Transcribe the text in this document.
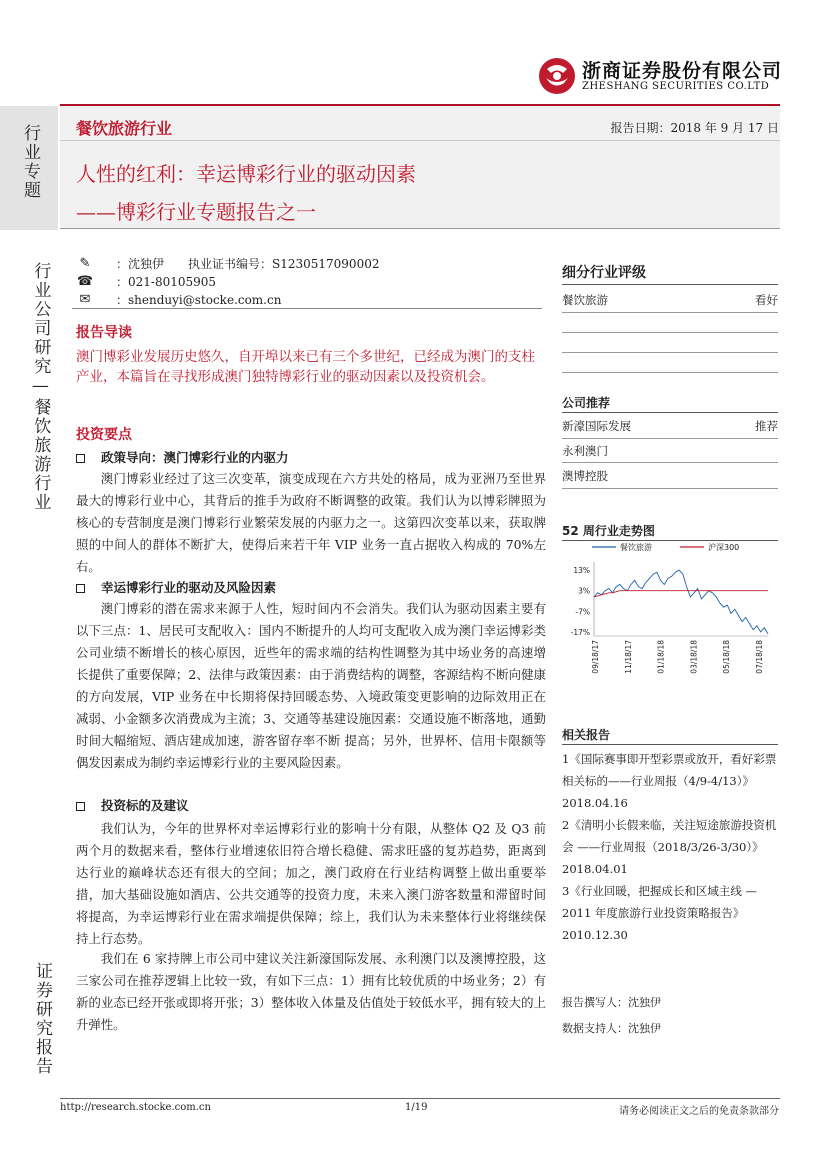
浙商证券股份有限公司
ZHESHANG SECURITIES CO.LTD
行业专题 餐饮旅游行业	报告日期：2018 年 9 月 17 日
人性的红利：幸运博彩行业的驱动因素
——博彩行业专题报告之一
行业公司研究—餐饮旅游行业
证券研究报告
✎ ：沈独伊　　执业证书编号：S1230517090002
☎ ：021-80105905
✉ ：shenduyi@stocke.com.cn
报告导读
澳门博彩业发展历史悠久，自开埠以来已有三个多世纪，已经成为澳门的支柱产业，本篇旨在寻找形成澳门独特博彩行业的驱动因素以及投资机会。
投资要点
政策导向：澳门博彩行业的内驱力
澳门博彩业经过了这三次变革，演变成现在六方共处的格局，成为亚洲乃至世界最大的博彩行业中心，其背后的推手为政府不断调整的政策。我们认为以博彩牌照为核心的专营制度是澳门博彩行业繁荣发展的内驱力之一。这第四次变革以来，获取牌照的中间人的群体不断扩大，使得后来若干年 VIP 业务一直占据收入构成的 70%左右。
幸运博彩行业的驱动及风险因素
澳门博彩的潜在需求来源于人性，短时间内不会消失。我们认为驱动因素主要有以下三点：1、居民可支配收入：国内不断提升的人均可支配收入成为澳门幸运博彩类公司业绩不断增长的核心原因，近些年的需求端的结构性调整为其中场业务的高速增长提供了重要保障；2、法律与政策因素：由于消费结构的调整，客源结构不断向健康的方向发展，VIP 业务在中长期将保持回暖态势、入境政策变更影响的边际效用正在减弱、小金额多次消费成为主流；3、交通等基建设施因素：交通设施不断落地，通勤时间大幅缩短、酒店建成加速，游客留存率不断 提高；另外，世界杯、信用卡限额等偶发因素成为制约幸运博彩行业的主要风险因素。
投资标的及建议
我们认为，今年的世界杯对幸运博彩行业的影响十分有限，从整体 Q2 及 Q3 前两个月的数据来看，整体行业增速依旧符合增长稳健、需求旺盛的复苏趋势，距离到达行业的巅峰状态还有很大的空间；加之，澳门政府在行业结构调整上做出重要举措，加大基础设施如酒店、公共交通等的投资力度，未来入澳门游客数量和滞留时间将提高，为幸运博彩行业在需求端提供保障；综上，我们认为未来整体行业将继续保持上行态势。
我们在 6 家持牌上市公司中建议关注新濠国际发展、永利澳门以及澳博控股，这三家公司在推荐逻辑上比较一致，有如下三点：1）拥有比较优质的中场业务；2）有新的业态已经开张或即将开张；3）整体收入体量及估值处于较低水平，拥有较大的上升弹性。
细分行业评级
餐饮旅游	看好
公司推荐
新濠国际发展	推荐
永利澳门
澳博控股
52 周行业走势图
餐饮旅游	沪深300
13%
3%
-7%
-17%
09/18/17	11/18/17	01/18/18	03/18/18	05/18/18	07/18/18
相关报告
1《国际赛事即开型彩票或放开，看好彩票相关标的——行业周报（4/9-4/13）》
2018.04.16
2《清明小长假来临，关注短途旅游投资机会 ——行业周报（2018/3/26-3/30）》
2018.04.01
3《行业回暖，把握成长和区域主线 —2011 年度旅游行业投资策略报告》
2010.12.30
报告撰写人：沈独伊
数据支持人：沈独伊
http://research.stocke.com.cn	1/19	请务必阅读正文之后的免责条款部分
